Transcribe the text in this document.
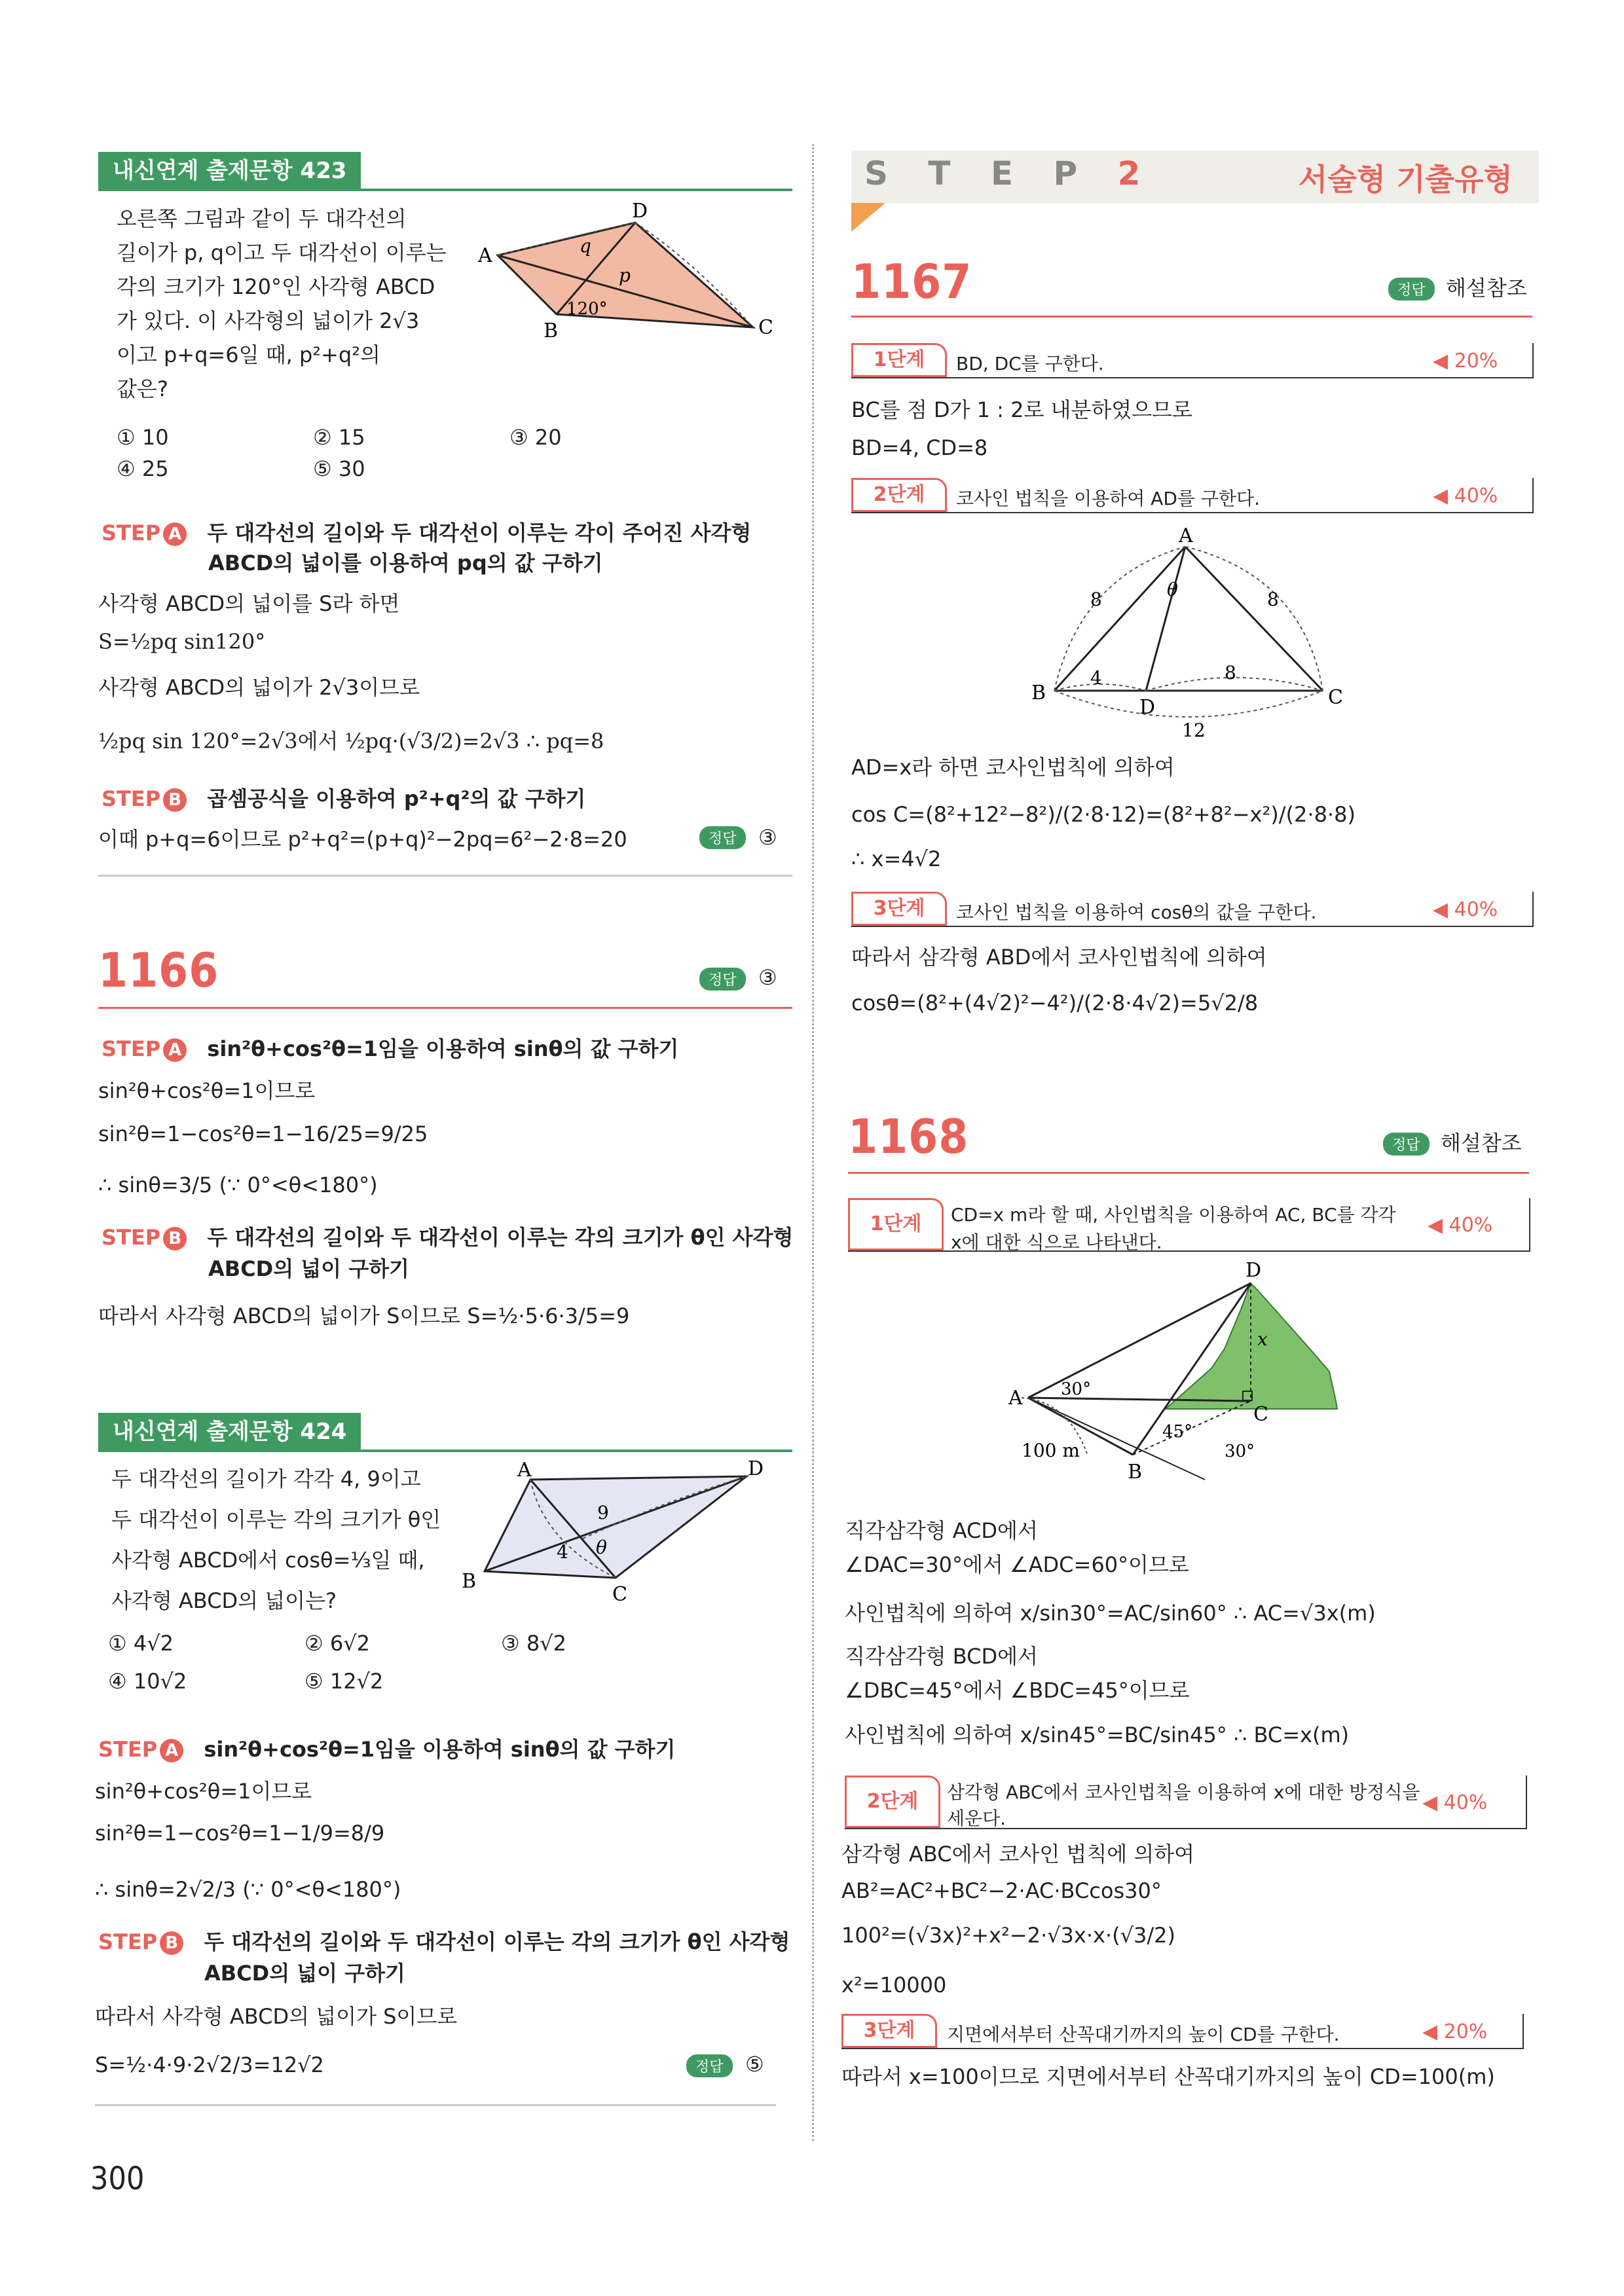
내신연계 출제문항 423
오른쪽 그림과 같이 두 대각선의
길이가 p, q이고 두 대각선이 이루는
각의 크기가 120°인 사각형 ABCD
가 있다. 이 사각형의 넓이가 2√3
이고 p+q=6일 때, p²+q²의
값은?
A
D
B	C
q
p
120°
① 10	② 15	③ 20
④ 25	⑤ 30
STEP A 두 대각선의 길이와 두 대각선이 이루는 각이 주어진 사각형
ABCD의 넓이를 이용하여 pq의 값 구하기
사각형 ABCD의 넓이를 S라 하면
S=½pq sin120°
사각형 ABCD의 넓이가 2√3이므로
½pq sin 120°=2√3에서 ½pq·(√3/2)=2√3 ∴ pq=8
STEP B 곱셈공식을 이용하여 p²+q²의 값 구하기
이때 p+q=6이므로 p²+q²=(p+q)²−2pq=6²−2·8=20	정답	③
1166	정답	③
STEP A sin²θ+cos²θ=1임을 이용하여 sinθ의 값 구하기
sin²θ+cos²θ=1이므로
sin²θ=1−cos²θ=1−16/25=9/25
∴ sinθ=3/5 (∵ 0°<θ<180°)
STEP B 두 대각선의 길이와 두 대각선이 이루는 각의 크기가 θ인 사각형
ABCD의 넓이 구하기
따라서 사각형 ABCD의 넓이가 S이므로 S=½·5·6·3/5=9
내신연계 출제문항 424
두 대각선의 길이가 각각 4, 9이고
두 대각선이 이루는 각의 크기가 θ인
사각형 ABCD에서 cosθ=⅓일 때,
사각형 ABCD의 넓이는?
A	D
B
C
9
4 θ
① 4√2	② 6√2	③ 8√2
④ 10√2	⑤ 12√2
STEP A sin²θ+cos²θ=1임을 이용하여 sinθ의 값 구하기
sin²θ+cos²θ=1이므로
sin²θ=1−cos²θ=1−1/9=8/9
∴ sinθ=2√2/3 (∵ 0°<θ<180°)
STEP B 두 대각선의 길이와 두 대각선이 이루는 각의 크기가 θ인 사각형
ABCD의 넓이 구하기
따라서 사각형 ABCD의 넓이가 S이므로
S=½·4·9·2√2/3=12√2	정답	⑤
300
S T E P 2	서술형 기출유형
1167	정답 해설참조
1단계	BD, DC를 구한다.	◀ 20%
BC를 점 D가 1 : 2로 내분하였으므로
BD=4, CD=8
2단계	코사인 법칙을 이용하여 AD를 구한다.	◀ 40%
A
B	C
D
8	8
8
4
12
θ
AD=x라 하면 코사인법칙에 의하여
cos C=(8²+12²−8²)/(2·8·12)=(8²+8²−x²)/(2·8·8)
∴ x=4√2
3단계	코사인 법칙을 이용하여 cosθ의 값을 구한다.	◀ 40%
따라서 삼각형 ABD에서 코사인법칙에 의하여
cosθ=(8²+(4√2)²−4²)/(2·8·4√2)=5√2/8
1168	정답 해설참조
1단계	CD=x m라 할 때, 사인법칙을 이용하여 AC, BC를 각각
x에 대한 식으로 나타낸다.
◀ 40%
D
A
B
C
x
30°
45°
30°
100 m
직각삼각형 ACD에서
∠DAC=30°에서 ∠ADC=60°이므로
사인법칙에 의하여 x/sin30°=AC/sin60° ∴ AC=√3x(m)
직각삼각형 BCD에서
∠DBC=45°에서 ∠BDC=45°이므로
사인법칙에 의하여 x/sin45°=BC/sin45° ∴ BC=x(m)
2단계	삼각형 ABC에서 코사인법칙을 이용하여 x에 대한 방정식을
세운다.
◀ 40%
삼각형 ABC에서 코사인 법칙에 의하여
AB²=AC²+BC²−2·AC·BCcos30°
100²=(√3x)²+x²−2·√3x·x·(√3/2)
x²=10000
3단계	지면에서부터 산꼭대기까지의 높이 CD를 구한다.	◀ 20%
따라서 x=100이므로 지면에서부터 산꼭대기까지의 높이 CD=100(m)
